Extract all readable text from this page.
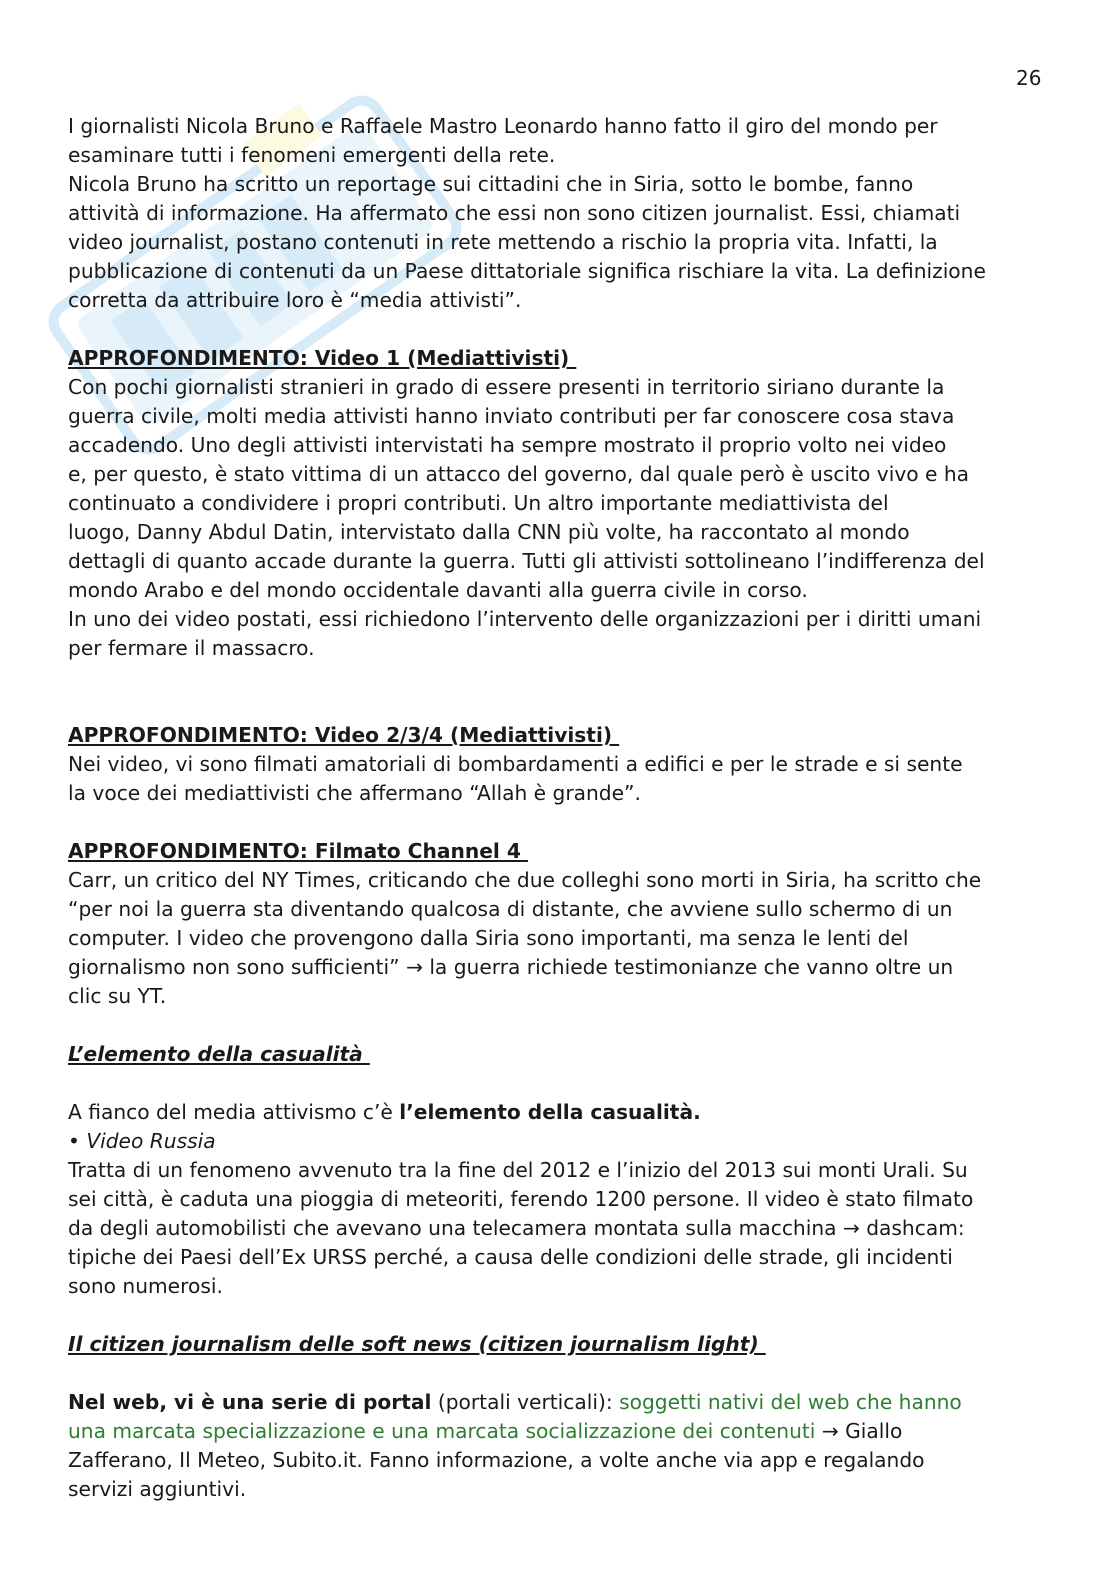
26

I giornalisti Nicola Bruno e Raffaele Mastro Leonardo hanno fatto il giro del mondo per

esaminare tutti i fenomeni emergenti della rete.

Nicola Bruno ha scritto un reportage sui cittadini che in Siria, sotto le bombe, fanno

attività di informazione. Ha affermato che essi non sono citizen journalist. Essi, chiamati

video journalist, postano contenuti in rete mettendo a rischio la propria vita. Infatti, la

pubblicazione di contenuti da un Paese dittatoriale significa rischiare la vita. La definizione

corretta da attribuire loro è “media attivisti”.

APPROFONDIMENTO: Video 1 (Mediattivisti)

Con pochi giornalisti stranieri in grado di essere presenti in territorio siriano durante la

guerra civile, molti media attivisti hanno inviato contributi per far conoscere cosa stava

accadendo. Uno degli attivisti intervistati ha sempre mostrato il proprio volto nei video

e, per questo, è stato vittima di un attacco del governo, dal quale però è uscito vivo e ha

continuato a condividere i propri contributi. Un altro importante mediattivista del

luogo, Danny Abdul Datin, intervistato dalla CNN più volte, ha raccontato al mondo

dettagli di quanto accade durante la guerra. Tutti gli attivisti sottolineano l’indifferenza del

mondo Arabo e del mondo occidentale davanti alla guerra civile in corso.

In uno dei video postati, essi richiedono l’intervento delle organizzazioni per i diritti umani

per fermare il massacro.

APPROFONDIMENTO: Video 2/3/4 (Mediattivisti)

Nei video, vi sono filmati amatoriali di bombardamenti a edifici e per le strade e si sente

la voce dei mediattivisti che affermano “Allah è grande”.

APPROFONDIMENTO: Filmato Channel 4

Carr, un critico del NY Times, criticando che due colleghi sono morti in Siria, ha scritto che

“per noi la guerra sta diventando qualcosa di distante, che avviene sullo schermo di un

computer. I video che provengono dalla Siria sono importanti, ma senza le lenti del

giornalismo non sono sufficienti” → la guerra richiede testimonianze che vanno oltre un

clic su YT.

L’elemento della casualità

A fianco del media attivismo c’è l’elemento della casualità.

• Video Russia

Tratta di un fenomeno avvenuto tra la fine del 2012 e l’inizio del 2013 sui monti Urali. Su

sei città, è caduta una pioggia di meteoriti, ferendo 1200 persone. Il video è stato filmato

da degli automobilisti che avevano una telecamera montata sulla macchina → dashcam:

tipiche dei Paesi dell’Ex URSS perché, a causa delle condizioni delle strade, gli incidenti

sono numerosi.

Il citizen journalism delle soft news (citizen journalism light)

Nel web, vi è una serie di portal (portali verticali): soggetti nativi del web che hanno

una marcata specializzazione e una marcata socializzazione dei contenuti → Giallo

Zafferano, Il Meteo, Subito.it. Fanno informazione, a volte anche via app e regalando

servizi aggiuntivi.
